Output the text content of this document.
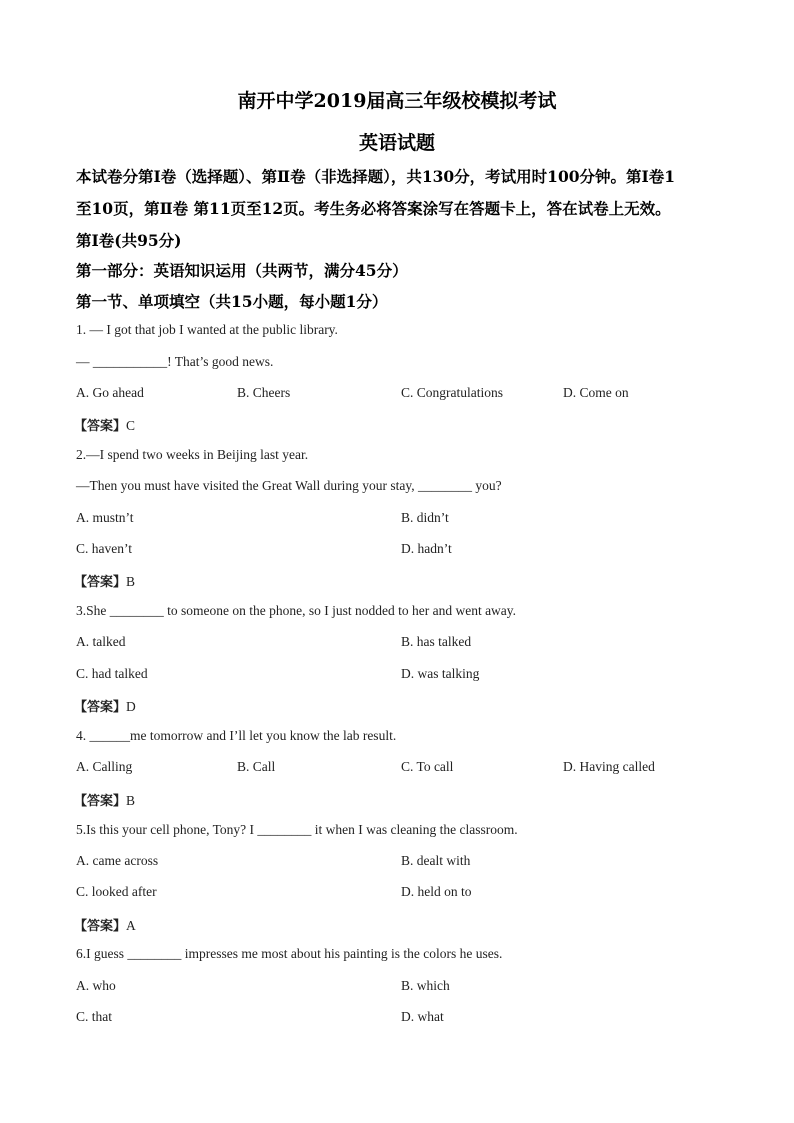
南开中学2019届高三年级校模拟考试
英语试题
本试卷分第Ⅰ卷（选择题）、第Ⅱ卷（非选择题），共130分，考试用时100分钟。第Ⅰ卷1
至10页，第Ⅱ卷 第11页至12页。考生务必将答案涂写在答题卡上，答在试卷上无效。
第Ⅰ卷(共95分)
第一部分：英语知识运用（共两节，满分45分）
第一节、单项填空（共15小题，每小题1分）
1. — I got that job I wanted at the public library.
— ___________! That’s good news.
A. Go ahead	B. Cheers	C. Congratulations	D. Come on
【答案】C
2.—I spend two weeks in Beijing last year.
—Then you must have visited the Great Wall during your stay, ________ you?
A. mustn’t	B. didn’t
C. haven’t	D. hadn’t
【答案】B
3.She ________ to someone on the phone, so I just nodded to her and went away.
A. talked	B. has talked
C. had talked	D. was talking
【答案】D
4. ______me tomorrow and I’ll let you know the lab result.
A. Calling	B. Call	C. To call	D. Having called
【答案】B
5.Is this your cell phone, Tony? I ________ it when I was cleaning the classroom.
A. came across	B. dealt with
C. looked after	D. held on to
【答案】A
6.I guess ________ impresses me most about his painting is the colors he uses.
A. who	B. which
C. that	D. what
